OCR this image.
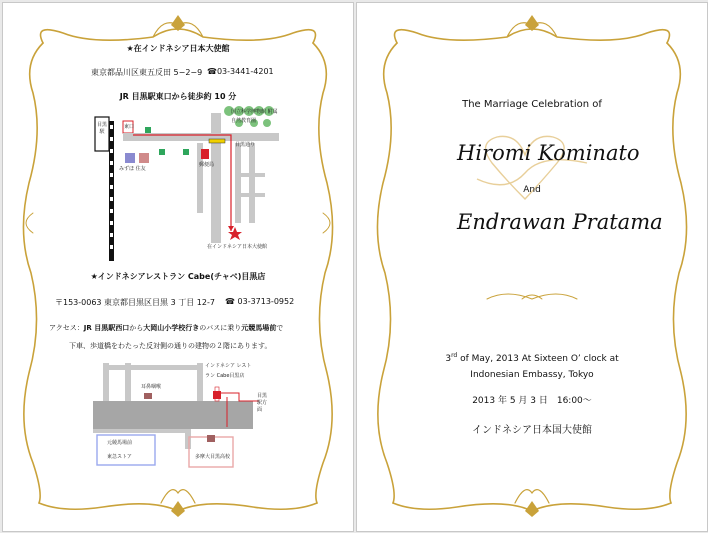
★在インドネシア日本大使館
東京都品川区東五反田 5−2−9 ☎03-3441-4201
JR 目黒駅東口から徒歩約 10 分
目黒駅
東口
みずほ 住友
国立科学博物館 附属自然教育園
目黒通り
郵便局
在インドネシア日本大使館
★インドネシアレストラン Cabe(チャベ)目黒店
〒153-0063 東京都目黒区目黒 3 丁目 12-7 ☎ 03-3713-0952
アクセス：JR 目黒駅西口から大岡山小学校行きのバスに乗り元競馬場前で
下車、歩道橋をわたった反対側の通りの建物の２階にあります。
インドネシア レストラン Cabe目黒店
耳鼻咽喉
目黒駅方面
元競馬場前
東急ストア	多摩大目黒高校
The Marriage Celebration of
Hiromi Kominato
And
Endrawan Pratama
3rd of May, 2013 At Sixteen O’ clock at
Indonesian Embassy, Tokyo
2013 年 5 月 3 日　16:00〜
インドネシア日本国大使館
